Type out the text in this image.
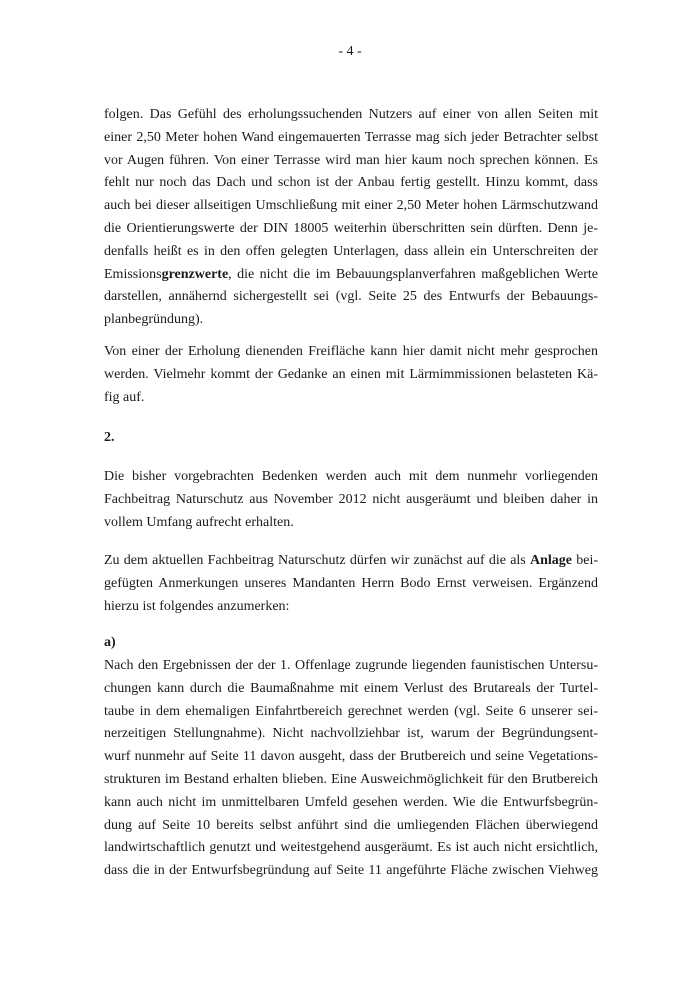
- 4 -
folgen. Das Gefühl des erholungssuchenden Nutzers auf einer von allen Seiten mit
einer 2,50 Meter hohen Wand eingemauerten Terrasse mag sich jeder Betrachter selbst
vor Augen führen. Von einer Terrasse wird man hier kaum noch sprechen können. Es
fehlt nur noch das Dach und schon ist der Anbau fertig gestellt. Hinzu kommt, dass
auch bei dieser allseitigen Umschließung mit einer 2,50 Meter hohen Lärmschutzwand
die Orientierungswerte der DIN 18005 weiterhin überschritten sein dürften. Denn je-
denfalls heißt es in den offen gelegten Unterlagen, dass allein ein Unterschreiten der
Emissionsgrenzwerte, die nicht die im Bebauungsplanverfahren maßgeblichen Werte
darstellen, annähernd sichergestellt sei (vgl. Seite 25 des Entwurfs der Bebauungs-
planbegründung).
Von einer der Erholung dienenden Freifläche kann hier damit nicht mehr gesprochen
werden. Vielmehr kommt der Gedanke an einen mit Lärmimmissionen belasteten Kä-
fig auf.
2.
Die bisher vorgebrachten Bedenken werden auch mit dem nunmehr vorliegenden
Fachbeitrag Naturschutz aus November 2012 nicht ausgeräumt und bleiben daher in
vollem Umfang aufrecht erhalten.
Zu dem aktuellen Fachbeitrag Naturschutz dürfen wir zunächst auf die als Anlage bei-
gefügten Anmerkungen unseres Mandanten Herrn Bodo Ernst verweisen. Ergänzend
hierzu ist folgendes anzumerken:
a)
Nach den Ergebnissen der der 1. Offenlage zugrunde liegenden faunistischen Untersu-
chungen kann durch die Baumaßnahme mit einem Verlust des Brutareals der Turtel-
taube in dem ehemaligen Einfahrtbereich gerechnet werden (vgl. Seite 6 unserer sei-
nerzeitigen Stellungnahme). Nicht nachvollziehbar ist, warum der Begründungsent-
wurf nunmehr auf Seite 11 davon ausgeht, dass der Brutbereich und seine Vegetations-
strukturen im Bestand erhalten blieben. Eine Ausweichmöglichkeit für den Brutbereich
kann auch nicht im unmittelbaren Umfeld gesehen werden. Wie die Entwurfsbegrün-
dung auf Seite 10 bereits selbst anführt sind die umliegenden Flächen überwiegend
landwirtschaftlich genutzt und weitestgehend ausgeräumt. Es ist auch nicht ersichtlich,
dass die in der Entwurfsbegründung auf Seite 11 angeführte Fläche zwischen Viehweg
